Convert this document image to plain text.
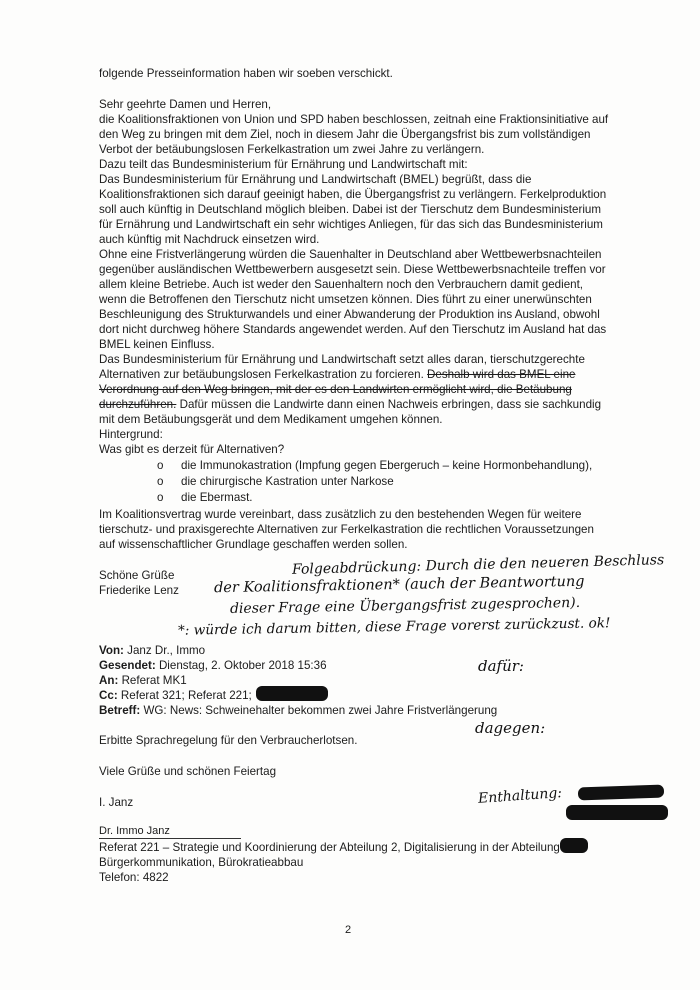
folgende Presseinformation haben wir soeben verschickt.
Sehr geehrte Damen und Herren,
die Koalitionsfraktionen von Union und SPD haben beschlossen, zeitnah eine Fraktionsinitiative auf
den Weg zu bringen mit dem Ziel, noch in diesem Jahr die Übergangsfrist bis zum vollständigen
Verbot der betäubungslosen Ferkelkastration um zwei Jahre zu verlängern.
Dazu teilt das Bundesministerium für Ernährung und Landwirtschaft mit:
Das Bundesministerium für Ernährung und Landwirtschaft (BMEL) begrüßt, dass die
Koalitionsfraktionen sich darauf geeinigt haben, die Übergangsfrist zu verlängern. Ferkelproduktion
soll auch künftig in Deutschland möglich bleiben. Dabei ist der Tierschutz dem Bundesministerium
für Ernährung und Landwirtschaft ein sehr wichtiges Anliegen, für das sich das Bundesministerium
auch künftig mit Nachdruck einsetzen wird.
Ohne eine Fristverlängerung würden die Sauenhalter in Deutschland aber Wettbewerbsnachteilen
gegenüber ausländischen Wettbewerbern ausgesetzt sein. Diese Wettbewerbsnachteile treffen vor
allem kleine Betriebe. Auch ist weder den Sauenhaltern noch den Verbrauchern damit gedient,
wenn die Betroffenen den Tierschutz nicht umsetzen können. Dies führt zu einer unerwünschten
Beschleunigung des Strukturwandels und einer Abwanderung der Produktion ins Ausland, obwohl
dort nicht durchweg höhere Standards angewendet werden. Auf den Tierschutz im Ausland hat das
BMEL keinen Einfluss.
Das Bundesministerium für Ernährung und Landwirtschaft setzt alles daran, tierschutzgerechte
Alternativen zur betäubungslosen Ferkelkastration zu forcieren. Deshalb wird das BMEL eine
Verordnung auf den Weg bringen, mit der es den Landwirten ermöglicht wird, die Betäubung
durchzuführen. Dafür müssen die Landwirte dann einen Nachweis erbringen, dass sie sachkundig
mit dem Betäubungsgerät und dem Medikament umgehen können.
Hintergrund:
Was gibt es derzeit für Alternativen?
o die Immunokastration (Impfung gegen Ebergeruch – keine Hormonbehandlung),
o die chirurgische Kastration unter Narkose
o die Ebermast.
Im Koalitionsvertrag wurde vereinbart, dass zusätzlich zu den bestehenden Wegen für weitere
tierschutz- und praxisgerechte Alternativen zur Ferkelkastration die rechtlichen Voraussetzungen
auf wissenschaftlicher Grundlage geschaffen werden sollen.
Schöne Grüße
Friederike Lenz
Folgeabdrückung: Durch die den neueren Beschluss
der Koalitionsfraktionen* (auch der Beantwortung
dieser Frage eine Übergangsfrist zugesprochen).
*: würde ich darum bitten, diese Frage vorerst zurückzust. ok!
dafür:
dagegen:
Enthaltung:
Von: Janz Dr., Immo
Gesendet: Dienstag, 2. Oktober 2018 15:36
An: Referat MK1
Cc: Referat 321; Referat 221;
Betreff: WG: News: Schweinehalter bekommen zwei Jahre Fristverlängerung
Erbitte Sprachregelung für den Verbraucherlotsen.
Viele Grüße und schönen Feiertag
I. Janz
Dr. Immo Janz
Referat 221 – Strategie und Koordinierung der Abteilung 2, Digitalisierung in der Abteilung
Bürgerkommunikation, Bürokratieabbau
Telefon: 4822
2
